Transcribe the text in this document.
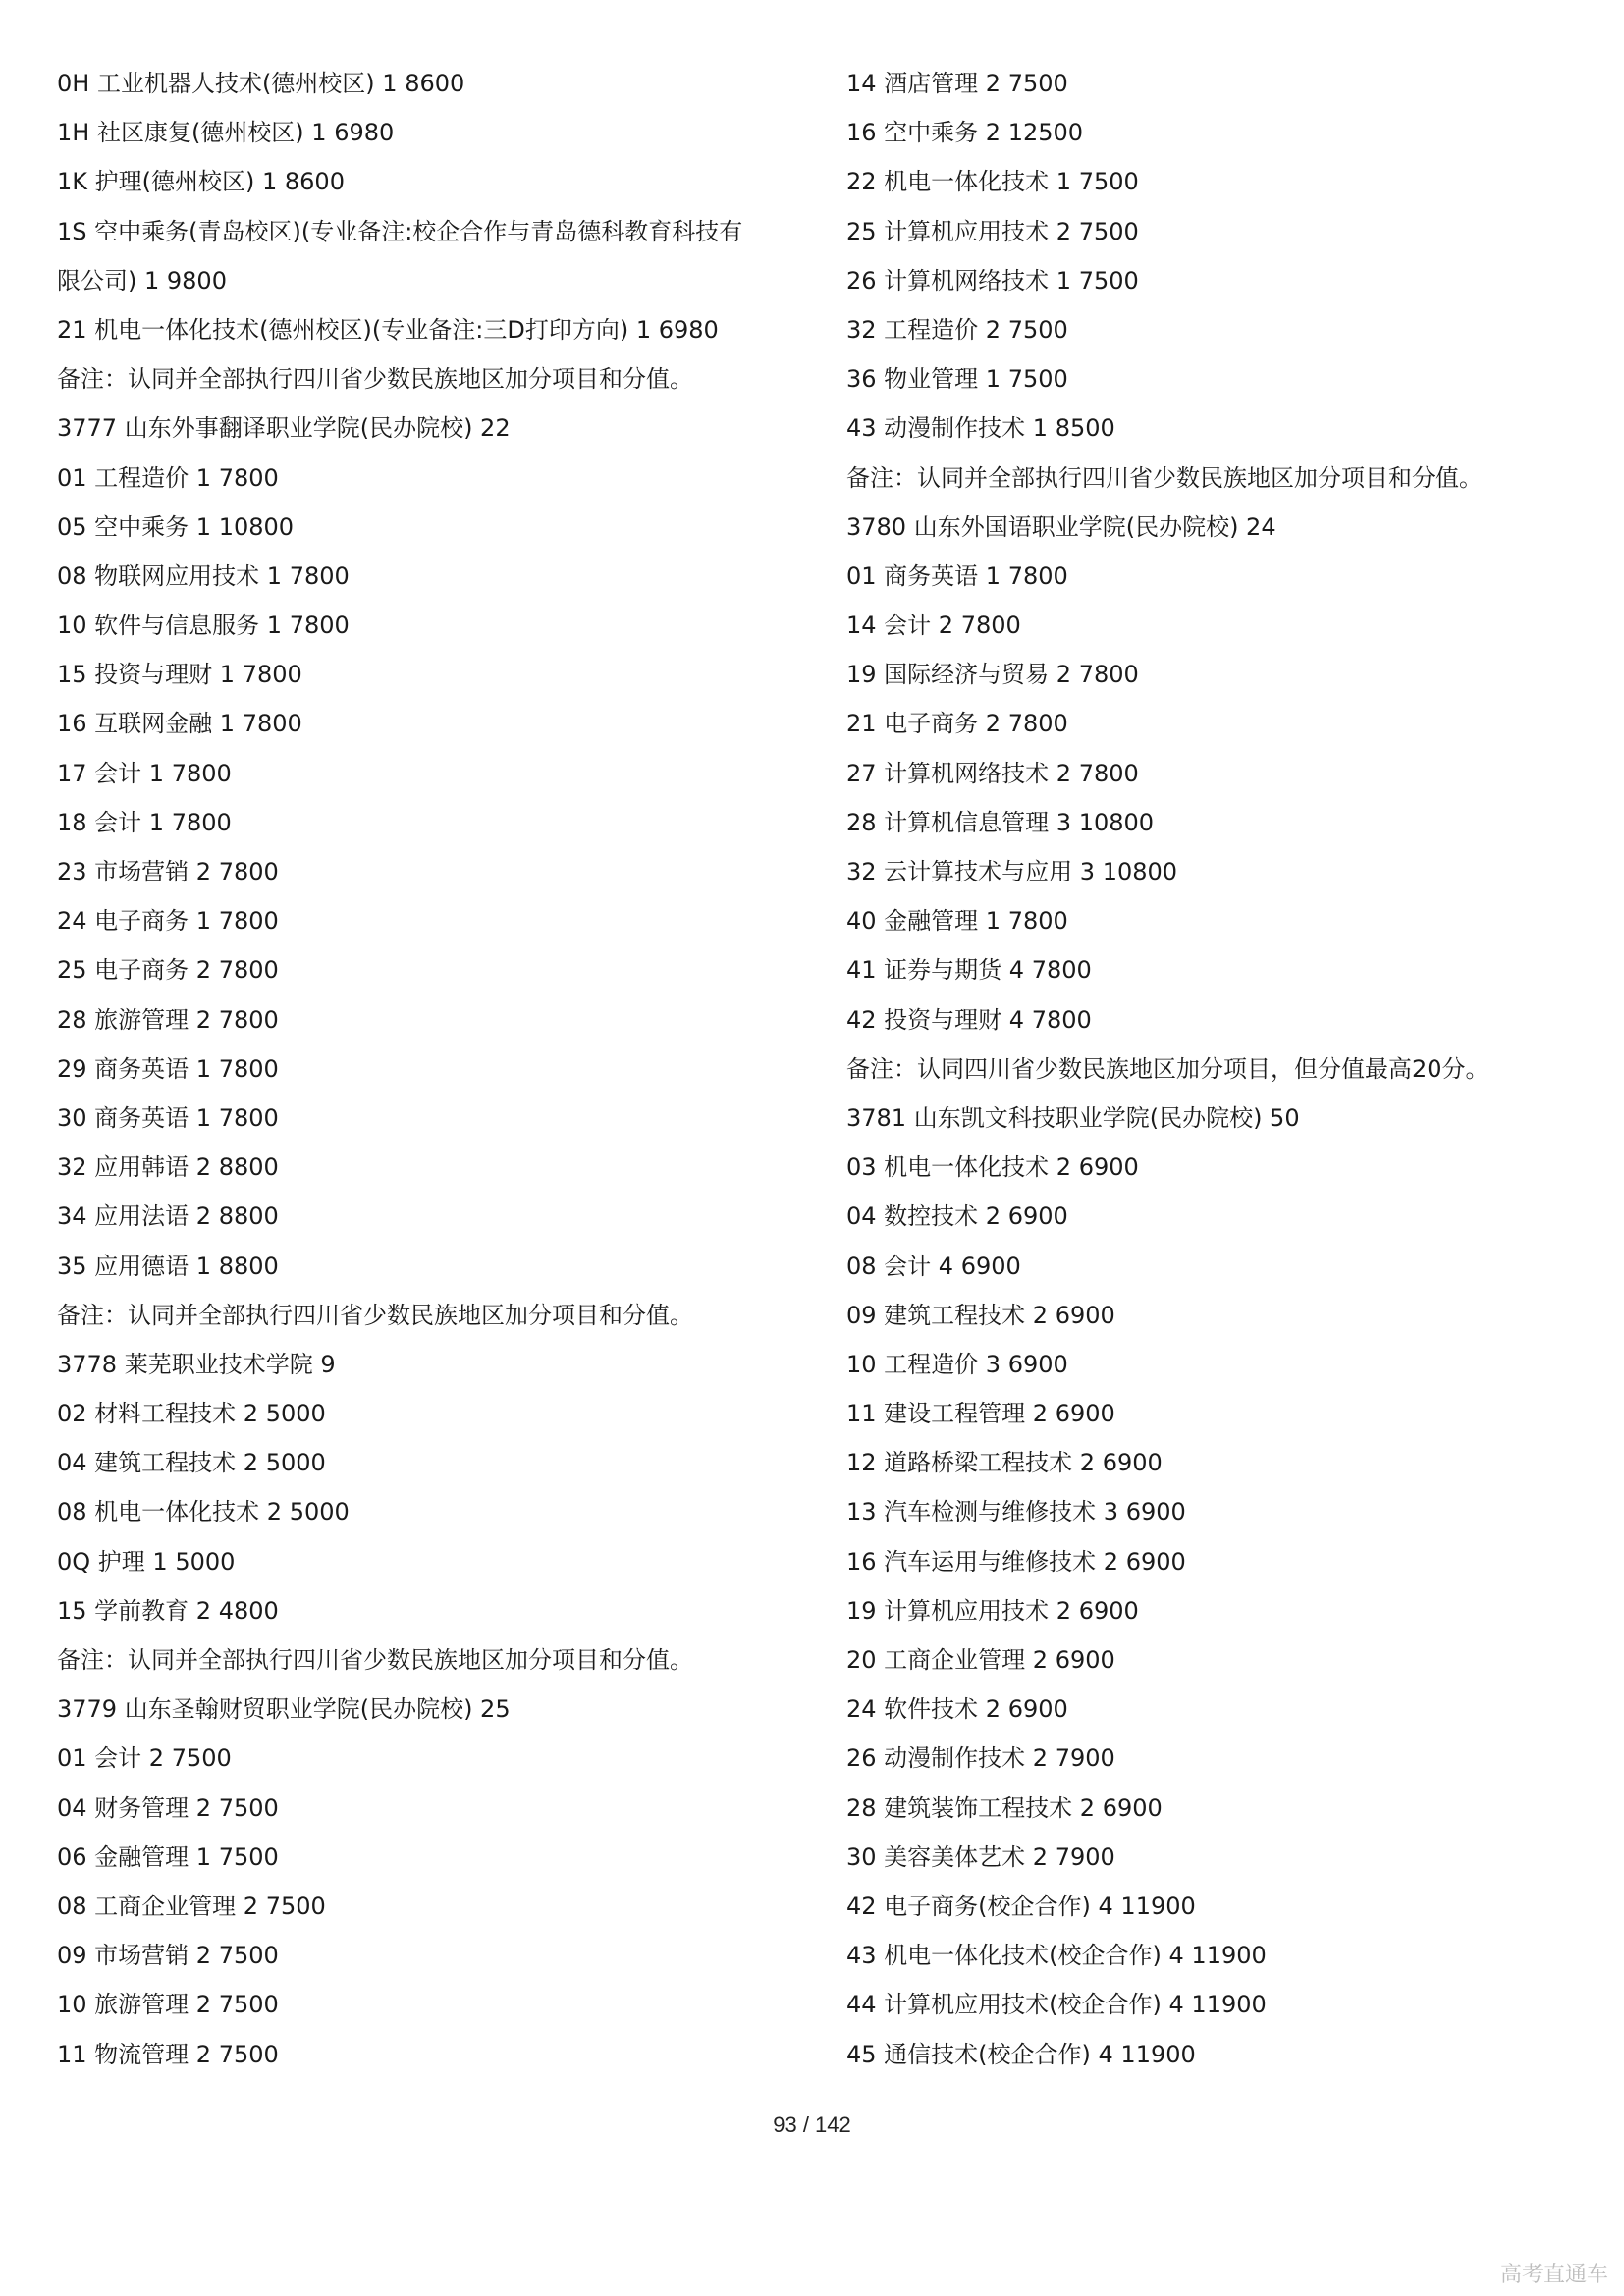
0H 工业机器人技术(德州校区) 1 8600
1H 社区康复(德州校区) 1 6980
1K 护理(德州校区) 1 8600
1S 空中乘务(青岛校区)(专业备注:校企合作与青岛德科教育科技有
限公司) 1 9800
21 机电一体化技术(德州校区)(专业备注:三D打印方向) 1 6980
备注：认同并全部执行四川省少数民族地区加分项目和分值。
3777 山东外事翻译职业学院(民办院校) 22
01 工程造价 1 7800
05 空中乘务 1 10800
08 物联网应用技术 1 7800
10 软件与信息服务 1 7800
15 投资与理财 1 7800
16 互联网金融 1 7800
17 会计 1 7800
18 会计 1 7800
23 市场营销 2 7800
24 电子商务 1 7800
25 电子商务 2 7800
28 旅游管理 2 7800
29 商务英语 1 7800
30 商务英语 1 7800
32 应用韩语 2 8800
34 应用法语 2 8800
35 应用德语 1 8800
备注：认同并全部执行四川省少数民族地区加分项目和分值。
3778 莱芜职业技术学院 9
02 材料工程技术 2 5000
04 建筑工程技术 2 5000
08 机电一体化技术 2 5000
0Q 护理 1 5000
15 学前教育 2 4800
备注：认同并全部执行四川省少数民族地区加分项目和分值。
3779 山东圣翰财贸职业学院(民办院校) 25
01 会计 2 7500
04 财务管理 2 7500
06 金融管理 1 7500
08 工商企业管理 2 7500
09 市场营销 2 7500
10 旅游管理 2 7500
11 物流管理 2 7500
14 酒店管理 2 7500
16 空中乘务 2 12500
22 机电一体化技术 1 7500
25 计算机应用技术 2 7500
26 计算机网络技术 1 7500
32 工程造价 2 7500
36 物业管理 1 7500
43 动漫制作技术 1 8500
备注：认同并全部执行四川省少数民族地区加分项目和分值。
3780 山东外国语职业学院(民办院校) 24
01 商务英语 1 7800
14 会计 2 7800
19 国际经济与贸易 2 7800
21 电子商务 2 7800
27 计算机网络技术 2 7800
28 计算机信息管理 3 10800
32 云计算技术与应用 3 10800
40 金融管理 1 7800
41 证券与期货 4 7800
42 投资与理财 4 7800
备注：认同四川省少数民族地区加分项目，但分值最高20分。
3781 山东凯文科技职业学院(民办院校) 50
03 机电一体化技术 2 6900
04 数控技术 2 6900
08 会计 4 6900
09 建筑工程技术 2 6900
10 工程造价 3 6900
11 建设工程管理 2 6900
12 道路桥梁工程技术 2 6900
13 汽车检测与维修技术 3 6900
16 汽车运用与维修技术 2 6900
19 计算机应用技术 2 6900
20 工商企业管理 2 6900
24 软件技术 2 6900
26 动漫制作技术 2 7900
28 建筑装饰工程技术 2 6900
30 美容美体艺术 2 7900
42 电子商务(校企合作) 4 11900
43 机电一体化技术(校企合作) 4 11900
44 计算机应用技术(校企合作) 4 11900
45 通信技术(校企合作) 4 11900
93 / 142
高考直通车
